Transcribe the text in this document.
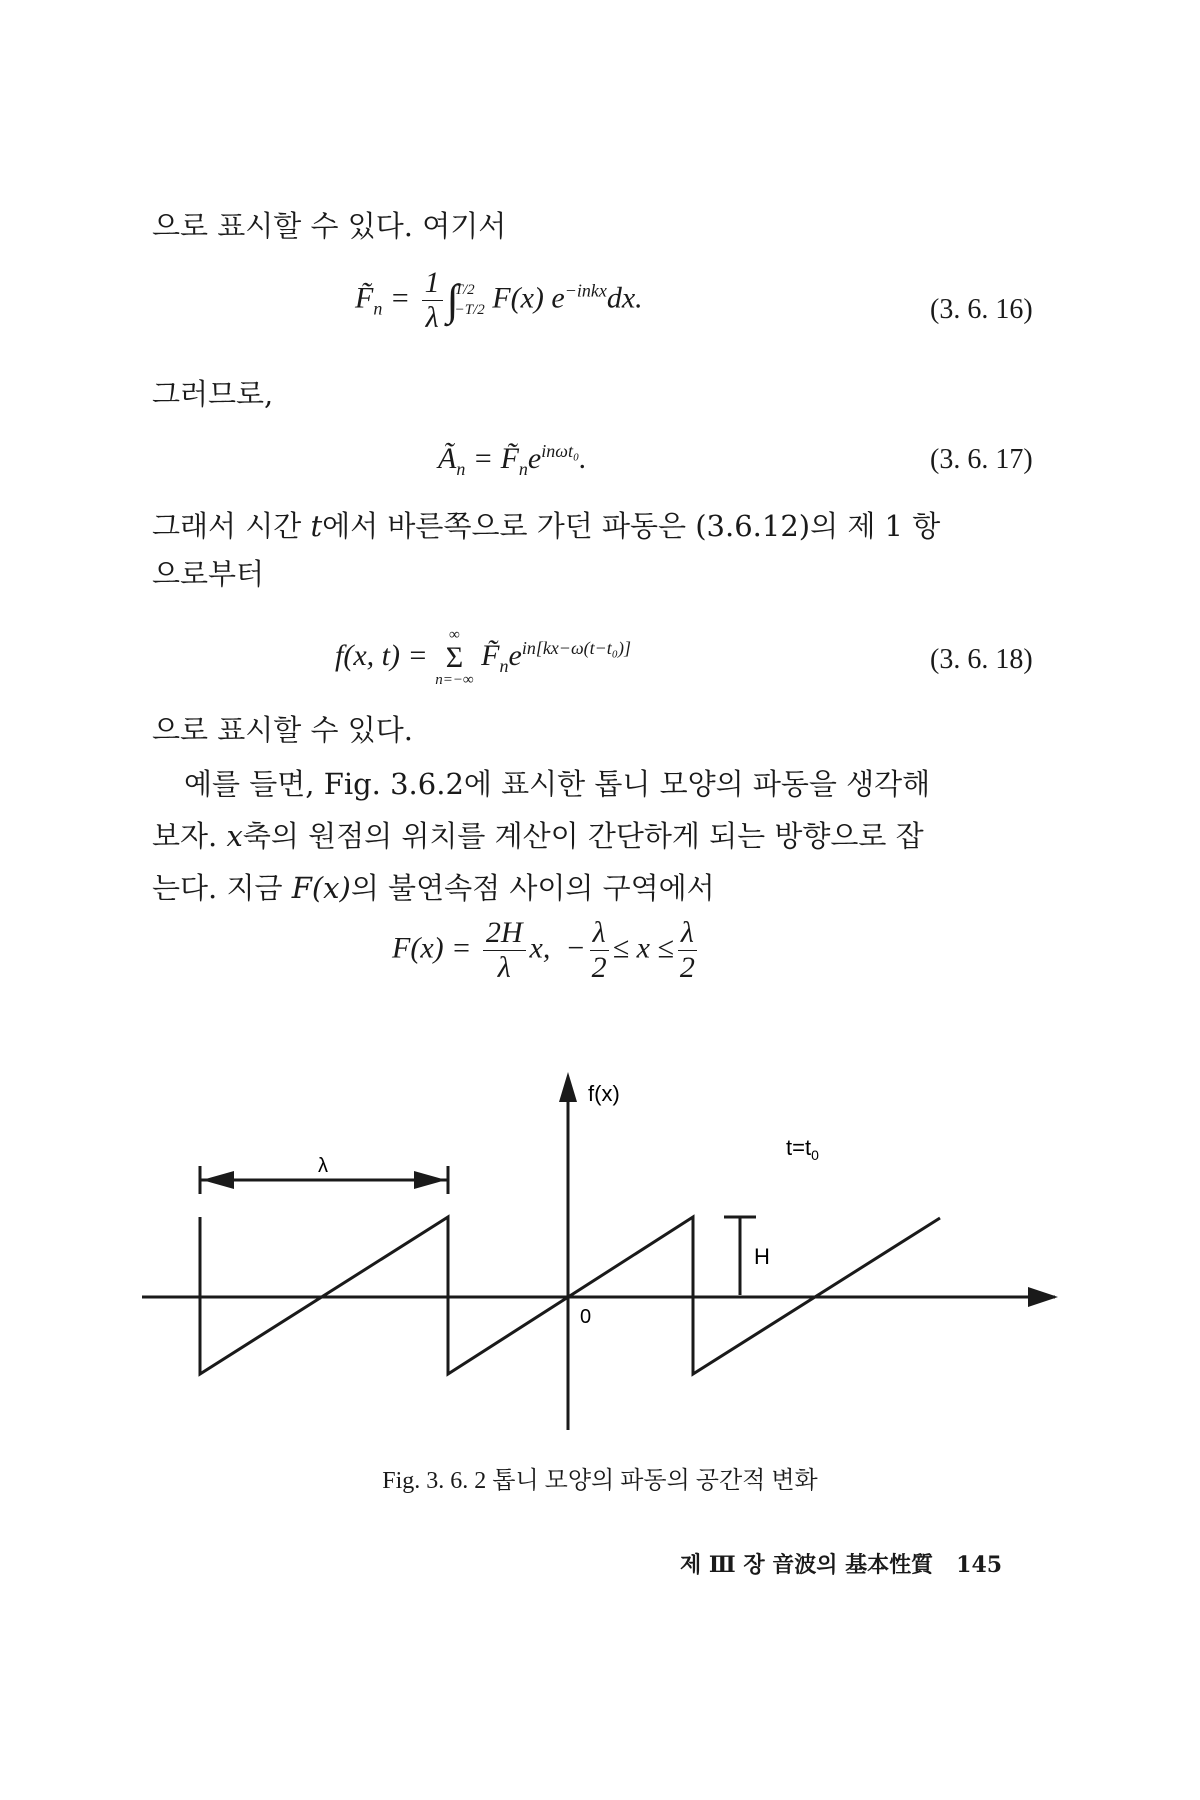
으로 표시할 수 있다. 여기서
$F̃_n = \frac{1}{\lambda} \int T/2$
−T/2 F(x) $e^{-inkx}dx$.	(3. 6. 16)
그러므로,
$Ã_n$ = $F̃_ne^{in\omega t_0}$.	(3. 6. 17)
그래서 시간 t에서 바른쪽으로 가던 파동은 (3.6.12)의 제 1 항
으로부터
f(x, t) =
∞
Σ
n=−∞
$F̃_ne^{in[kx-\omega(t-t_0)]}$	(3. 6. 18)
으로 표시할 수 있다.
예를 들면, Fig. 3.6.2에 표시한 톱니 모양의 파동을 생각해
보자. x축의 원점의 위치를 계산이 간단하게 되는 방향으로 잡
는다. 지금 F(x)의 불연속점 사이의 구역에서
$F(x) = \frac{2H}{\lambda} x$,  − $\frac{\lambda}{2} \le x \le \frac{\lambda}{2}$
f(x)
λ
H
0
$t=t_0$
Fig. 3. 6. 2 톱니 모양의 파동의 공간적 변화
제 Ⅲ 장 音波의 基本性質 145
